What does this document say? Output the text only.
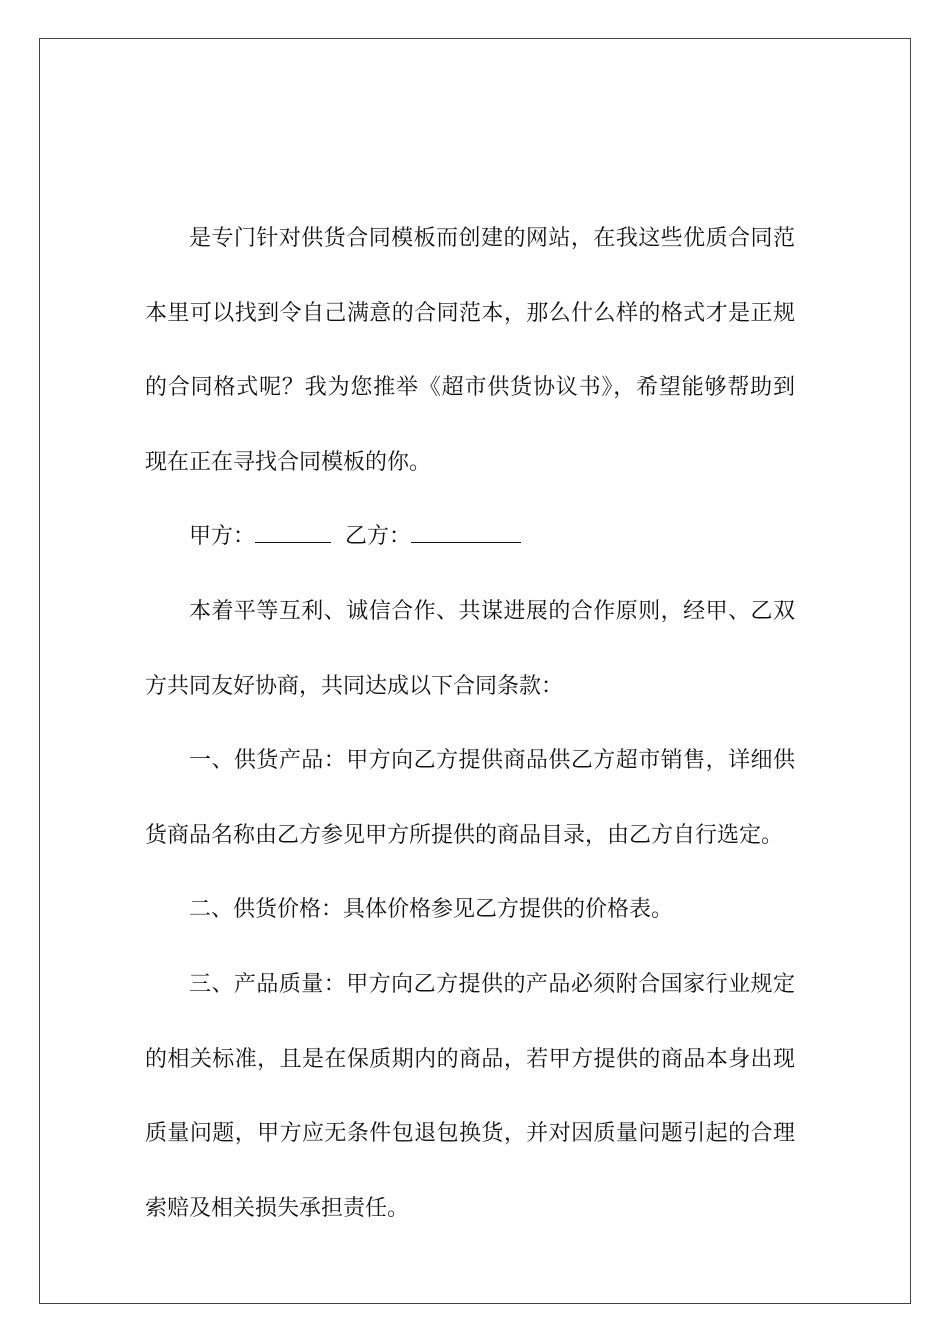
是专门针对供货合同模板而创建的网站，在我这些优质合同范
本里可以找到令自己满意的合同范本，那么什么样的格式才是正规
的合同格式呢？我为您推举《超市供货协议书》，希望能够帮助到
现在正在寻找合同模板的你。
甲方：	乙方：
本着平等互利、诚信合作、共谋进展的合作原则，经甲、乙双
方共同友好协商，共同达成以下合同条款：
一、供货产品：甲方向乙方提供商品供乙方超市销售，详细供
货商品名称由乙方参见甲方所提供的商品目录，由乙方自行选定。
二、供货价格：具体价格参见乙方提供的价格表。
三、产品质量：甲方向乙方提供的产品必须附合国家行业规定
的相关标准，且是在保质期内的商品，若甲方提供的商品本身出现
质量问题，甲方应无条件包退包换货，并对因质量问题引起的合理
索赔及相关损失承担责任。
